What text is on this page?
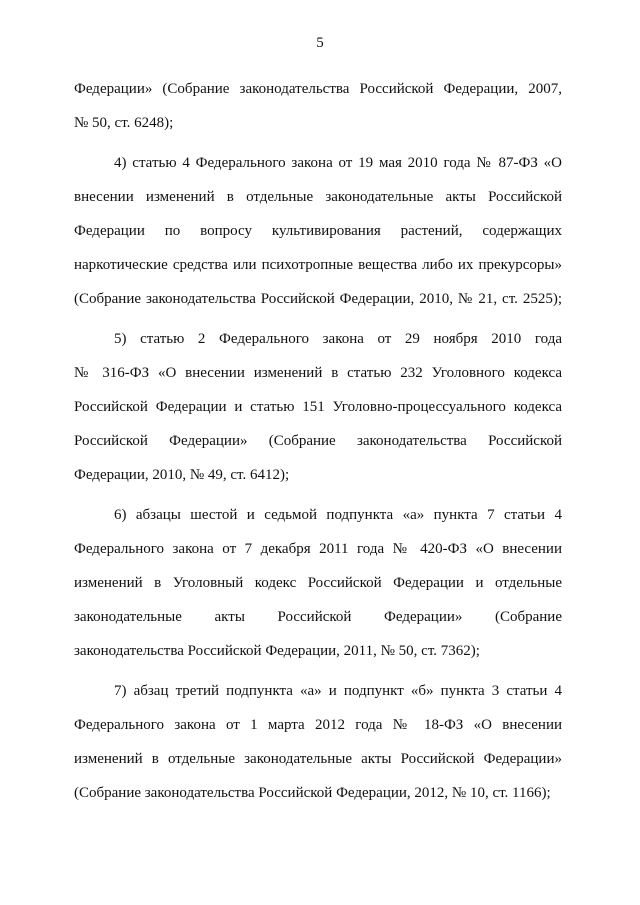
5
Федерации» (Собрание законодательства Российской Федерации, 2007,
№ 50, ст. 6248);
4) статью 4 Федерального закона от 19 мая 2010 года № 87-ФЗ «О
внесении изменений в отдельные законодательные акты Российской
Федерации по вопросу культивирования растений, содержащих
наркотические средства или психотропные вещества либо их прекурсоры»
(Собрание законодательства Российской Федерации, 2010, № 21, ст. 2525);
5) статью 2 Федерального закона от 29 ноября 2010 года
№ 316-ФЗ «О внесении изменений в статью 232 Уголовного кодекса
Российской Федерации и статью 151 Уголовно-процессуального кодекса
Российской Федерации» (Собрание законодательства Российской
Федерации, 2010, № 49, ст. 6412);
6) абзацы шестой и седьмой подпункта «а» пункта 7 статьи 4
Федерального закона от 7 декабря 2011 года № 420-ФЗ «О внесении
изменений в Уголовный кодекс Российской Федерации и отдельные
законодательные акты Российской Федерации» (Собрание
законодательства Российской Федерации, 2011, № 50, ст. 7362);
7) абзац третий подпункта «а» и подпункт «б» пункта 3 статьи 4
Федерального закона от 1 марта 2012 года № 18-ФЗ «О внесении
изменений в отдельные законодательные акты Российской Федерации»
(Собрание законодательства Российской Федерации, 2012, № 10, ст. 1166);
